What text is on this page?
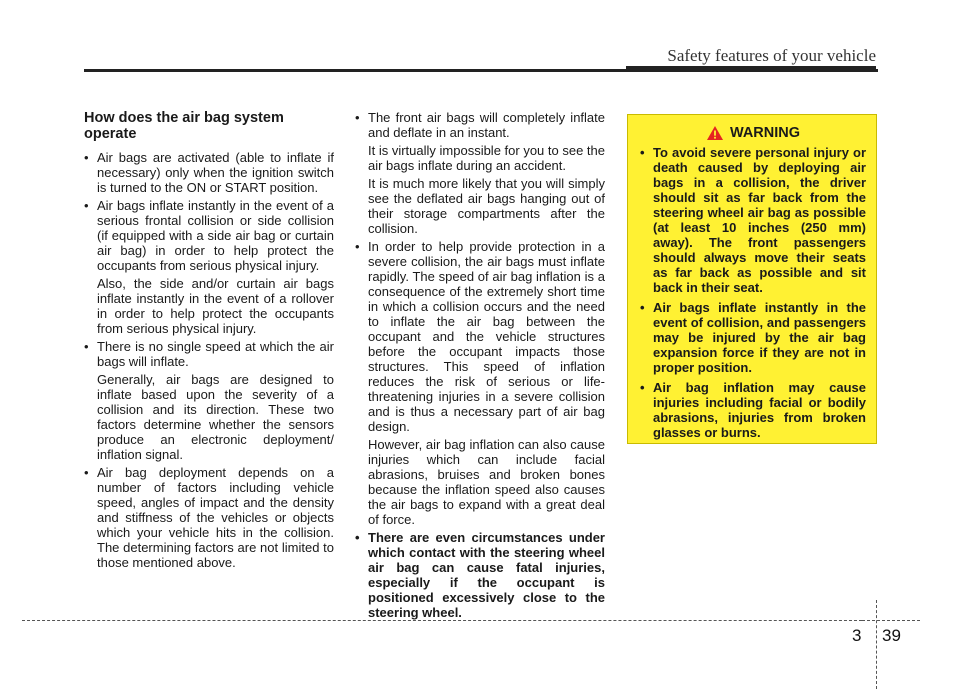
Safety features of your vehicle
How does the air bag system operate
• Air bags are activated (able to inflate if necessary) only when the ignition switch is turned to the ON or START position.
• Air bags inflate instantly in the event of a serious frontal collision or side collision (if equipped with a side air bag or curtain air bag) in order to help protect the occupants from serious physical injury.
Also, the side and/or curtain air bags inflate instantly in the event of a rollover in order to help protect the occupants from serious physical injury.
• There is no single speed at which the air bags will inflate.
Generally, air bags are designed to inflate based upon the severity of a collision and its direction. These two factors determine whether the sensors produce an electronic deployment/ inflation signal.
• Air bag deployment depends on a number of factors including vehicle speed, angles of impact and the density and stiffness of the vehicles or objects which your vehicle hits in the collision. The determining factors are not limited to those mentioned above.
• The front air bags will completely inflate and deflate in an instant.
It is virtually impossible for you to see the air bags inflate during an accident.
It is much more likely that you will simply see the deflated air bags hanging out of their storage compartments after the collision.
• In order to help provide protection in a severe collision, the air bags must inflate rapidly. The speed of air bag inflation is a consequence of the extremely short time in which a collision occurs and the need to inflate the air bag between the occupant and the vehicle structures before the occupant impacts those structures. This speed of inflation reduces the risk of serious or life-threatening injuries in a severe collision and is thus a necessary part of air bag design.
However, air bag inflation can also cause injuries which can include facial abrasions, bruises and broken bones because the inflation speed also causes the air bags to expand with a great deal of force.
• There are even circumstances under which contact with the steering wheel air bag can cause fatal injuries, especially if the occupant is positioned excessively close to the steering wheel.
WARNING
• To avoid severe personal injury or death caused by deploying air bags in a collision, the driver should sit as far back from the steering wheel air bag as possible (at least 10 inches (250 mm) away). The front passengers should always move their seats as far back as possible and sit back in their seat.
• Air bags inflate instantly in the event of collision, and passengers may be injured by the air bag expansion force if they are not in proper position.
• Air bag inflation may cause injuries including facial or bodily abrasions, injuries from broken glasses or burns.
3 39
